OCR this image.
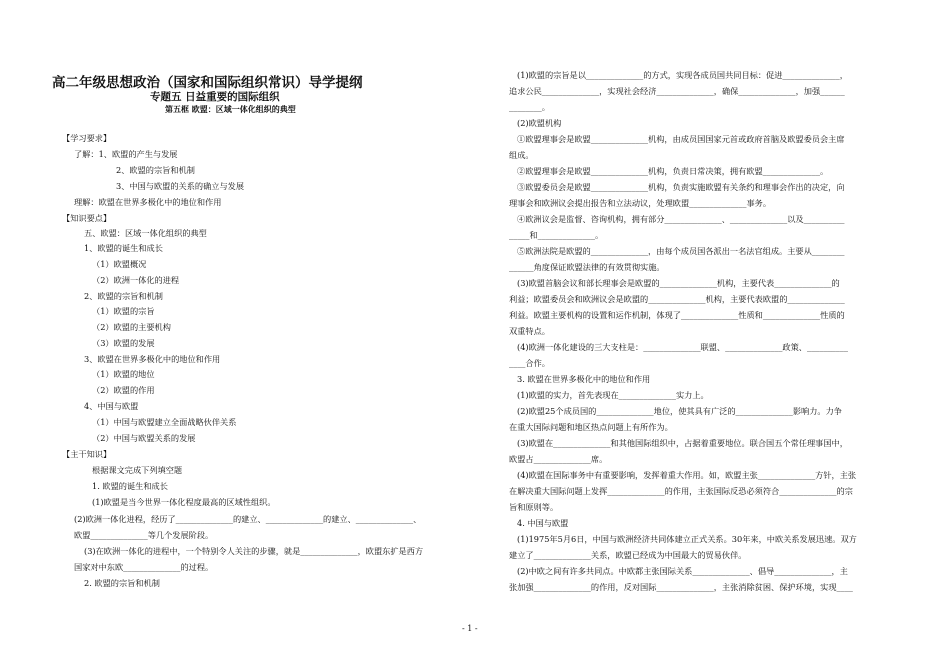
高二年级思想政治（国家和国际组织常识）导学提纲
专题五 日益重要的国际组织
第五框 欧盟：区域一体化组织的典型
【学习要求】
了解：1、欧盟的产生与发展
2、欧盟的宗旨和机制
3、中国与欧盟的关系的确立与发展
理解：欧盟在世界多极化中的地位和作用
【知识要点】
五、欧盟：区域一体化组织的典型
1、欧盟的诞生和成长
（1）欧盟概况
（2）欧洲一体化的进程
2、欧盟的宗旨和机制
（1）欧盟的宗旨
（2）欧盟的主要机构
（3）欧盟的发展
3、欧盟在世界多极化中的地位和作用
（1）欧盟的地位
（2）欧盟的作用
4、中国与欧盟
（1）中国与欧盟建立全面战略伙伴关系
（2）中国与欧盟关系的发展
【主干知识】
根据课文完成下列填空题
1. 欧盟的诞生和成长
(1)欧盟是当今世界一体化程度最高的区域性组织。
(2)欧洲一体化进程，经历了______________的建立、______________的建立、______________、
欧盟______________等几个发展阶段。
(3)在欧洲一体化的进程中，一个特别令人关注的步骤，就是______________，欧盟东扩是西方
国家对中东欧______________的过程。
2. 欧盟的宗旨和机制
(1)欧盟的宗旨是以______________的方式，实现各成员国共同目标：促进______________，
追求公民______________，实现社会经济______________，确保______________，加强______
________。
(2)欧盟机构
①欧盟理事会是欧盟______________机构，由成员国国家元首或政府首脑及欧盟委员会主席
组成。
②欧盟理事会是欧盟______________机构，负责日常决策，拥有欧盟______________。
③欧盟委员会是欧盟______________机构，负责实施欧盟有关条约和理事会作出的决定，向
理事会和欧洲议会提出报告和立法动议，处理欧盟______________事务。
④欧洲议会是监督、咨询机构，拥有部分______________、______________以及__________
_____和______________。
⑤欧洲法院是欧盟的______________，由每个成员国各派出一名法官组成。主要从________
______角度保证欧盟法律的有效贯彻实施。
(3)欧盟首脑会议和部长理事会是欧盟的______________机构，主要代表______________的
利益；欧盟委员会和欧洲议会是欧盟的______________机构，主要代表欧盟的______________
利益。欧盟主要机构的设置和运作机制，体现了______________性质和______________性质的
双重特点。
(4)欧洲一体化建设的三大支柱是：______________联盟、______________政策、__________
____合作。
3. 欧盟在世界多极化中的地位和作用
(1)欧盟的实力，首先表现在______________实力上。
(2)欧盟25个成员国的______________地位，使其具有广泛的______________影响力。力争
在重大国际问题和地区热点问题上有所作为。
(3)欧盟在______________和其他国际组织中，占据着重要地位。联合国五个常任理事国中，
欧盟占______________席。
(4)欧盟在国际事务中有重要影响，发挥着重大作用。如，欧盟主张______________方针，主张
在解决重大国际问题上发挥______________的作用，主张国际反恐必须符合______________的宗
旨和原则等。
4. 中国与欧盟
(1)1975年5月6日，中国与欧洲经济共同体建立正式关系。30年来，中欧关系发展迅速。双方
建立了______________关系，欧盟已经成为中国最大的贸易伙伴。
(2)中欧之间有许多共同点。中欧都主张国际关系______________、倡导______________，主
张加强______________的作用，反对国际______________，主张消除贫困、保护环境，实现____
- 1 -
